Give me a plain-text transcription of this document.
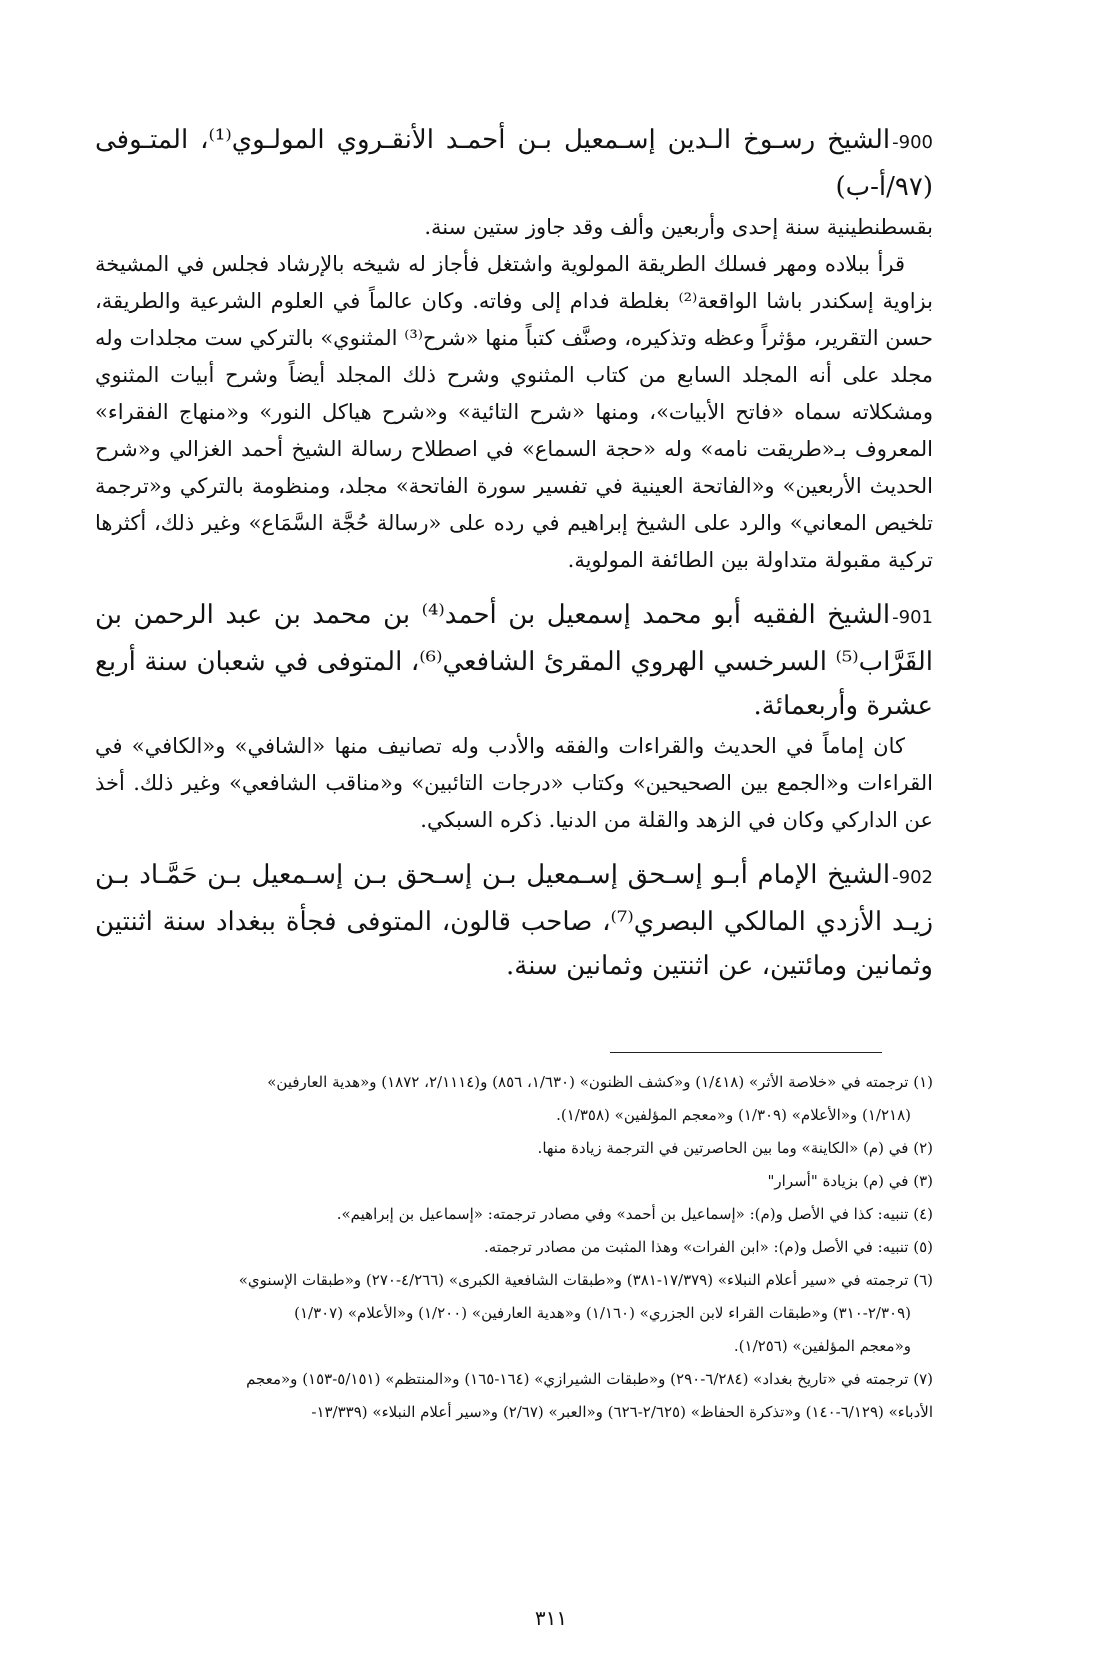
900-الشيخ رسـوخ الـدين إسـمعيل بـن أحمـد الأنقـروي المولـوي⁽¹⁾، المتـوفى (٩٧/أ-ب)

بقسطنطينية سنة إحدى وأربعين وألف وقد جاوز ستين سنة.

قرأ ببلاده ومهر فسلك الطريقة المولوية واشتغل فأجاز له شيخه بالإرشاد فجلس في المشيخة بزاوية إسكندر باشا الواقعة⁽²⁾ بغلطة فدام إلى وفاته. وكان عالماً في العلوم الشرعية والطريقة، حسن التقرير، مؤثراً وعظه وتذكيره، وصنَّف كتباً منها «شرح⁽³⁾ المثنوي» بالتركي ست مجلدات وله مجلد على أنه المجلد السابع من كتاب المثنوي وشرح ذلك المجلد أيضاً وشرح أبيات المثنوي ومشكلاته سماه «فاتح الأبيات»، ومنها «شرح التائية» و«شرح هياكل النور» و«منهاج الفقراء» المعروف بـ«طريقت نامه» وله «حجة السماع» في اصطلاح رسالة الشيخ أحمد الغزالي و«شرح الحديث الأربعين» و«الفاتحة العينية في تفسير سورة الفاتحة» مجلد، ومنظومة بالتركي و«ترجمة تلخيص المعاني» والرد على الشيخ إبراهيم في رده على «رسالة حُجَّة السَّمَاع» وغير ذلك، أكثرها تركية مقبولة متداولة بين الطائفة المولوية.

901-الشيخ الفقيه أبو محمد إسمعيل بن أحمد⁽⁴⁾ بن محمد بن عبد الرحمن بن القَرَّاب⁽⁵⁾ السرخسي الهروي المقرئ الشافعي⁽⁶⁾، المتوفى في شعبان سنة أربع عشرة وأربعمائة.

كان إماماً في الحديث والقراءات والفقه والأدب وله تصانيف منها «الشافي» و«الكافي» في القراءات و«الجمع بين الصحيحين» وكتاب «درجات التائبين» و«مناقب الشافعي» وغير ذلك. أخذ عن الداركي وكان في الزهد والقلة من الدنيا. ذكره السبكي.

902-الشيخ الإمام أبـو إسـحق إسـمعيل بـن إسـحق بـن إسـمعيل بـن حَمَّـاد بـن زيـد الأزدي المالكي البصري⁽⁷⁾، صاحب قالون، المتوفى فجأة ببغداد سنة اثنتين وثمانين ومائتين، عن اثنتين وثمانين سنة.

(١) ترجمته في «خلاصة الأثر» (١/٤١٨) و«كشف الظنون» (١/٦٣٠، ٨٥٦) و(٢/١١١٤، ١٨٧٢) و«هدية العارفين»

(١/٢١٨) و«الأعلام» (١/٣٠٩) و«معجم المؤلفين» (١/٣٥٨).

(٢) في (م) «الكاينة» وما بين الحاصرتين في الترجمة زيادة منها.

(٣) في (م) بزيادة "أسرار"

(٤) تنبيه: كذا في الأصل و(م): «إسماعيل بن أحمد» وفي مصادر ترجمته: «إسماعيل بن إبراهيم».

(٥) تنبيه: في الأصل و(م): «ابن الفرات» وهذا المثبت من مصادر ترجمته.

(٦) ترجمته في «سير أعلام النبلاء» (١٧/٣٧٩-٣٨١) و«طبقات الشافعية الكبرى» (٤/٢٦٦-٢٧٠) و«طبقات الإسنوي»

(٢/٣٠٩-٣١٠) و«طبقات القراء لابن الجزري» (١/١٦٠) و«هدية العارفين» (١/٢٠٠) و«الأعلام» (١/٣٠٧)

و«معجم المؤلفين» (١/٢٥٦).

(٧) ترجمته في «تاريخ بغداد» (٦/٢٨٤-٢٩٠) و«طبقات الشيرازي» (١٦٤-١٦٥) و«المنتظم» (٥/١٥١-١٥٣) و«معجم

الأدباء» (٦/١٢٩-١٤٠) و«تذكرة الحفاظ» (٢/٦٢٥-٦٢٦) و«العبر» (٢/٦٧) و«سير أعلام النبلاء» (١٣/٣٣٩-

٣١١
